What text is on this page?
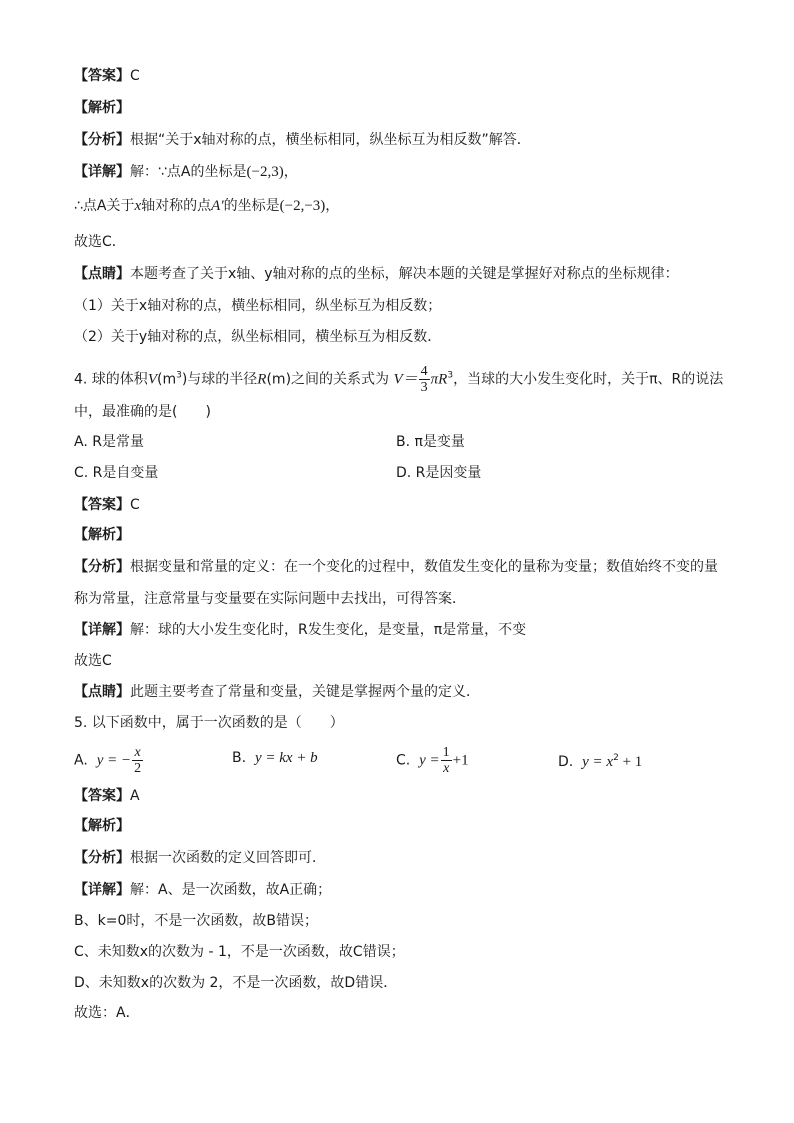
【答案】C
【解析】
【分析】根据“关于x轴对称的点，横坐标相同，纵坐标互为相反数”解答．
【详解】解：∵点A的坐标是(−2,3)，
∴点A关于x轴对称的点A′的坐标是(−2,−3)，
故选C．
【点睛】本题考查了关于x轴、y轴对称的点的坐标，解决本题的关键是掌握好对称点的坐标规律：
（1）关于x轴对称的点，横坐标相同，纵坐标互为相反数；
（2）关于y轴对称的点，纵坐标相同，横坐标互为相反数．
4. 球的体积$V(m^3)$与球的半径R(m)之间的关系式为 $V= \frac{4}{3} \pi R^3$，当球的大小发生变化时，关于π、R的说法
中，最准确的是(　　)
A. R是常量	B. π是变量
C. R是自变量	D. R是因变量
【答案】C
【解析】
【分析】根据变量和常量的定义：在一个变化的过程中，数值发生变化的量称为变量；数值始终不变的量
称为常量，注意常量与变量要在实际问题中去找出，可得答案．
【详解】解：球的大小发生变化时，R发生变化，是变量，π是常量，不变
故选C
【点睛】此题主要考查了常量和变量，关键是掌握两个量的定义．
5. 以下函数中，属于一次函数的是（　　）
A. y = − $\frac{x}{2}$	B. y = kx + b	C. $y = \frac{1}{x} +1$	D. $y = x^2 + 1$
【答案】A
【解析】
【分析】根据一次函数的定义回答即可．
【详解】解：A、是一次函数，故A正确；
B、k=0时，不是一次函数，故B错误；
C、未知数x的次数为 - 1，不是一次函数，故C错误；
D、未知数x的次数为 2，不是一次函数，故D错误．
故选：A．
